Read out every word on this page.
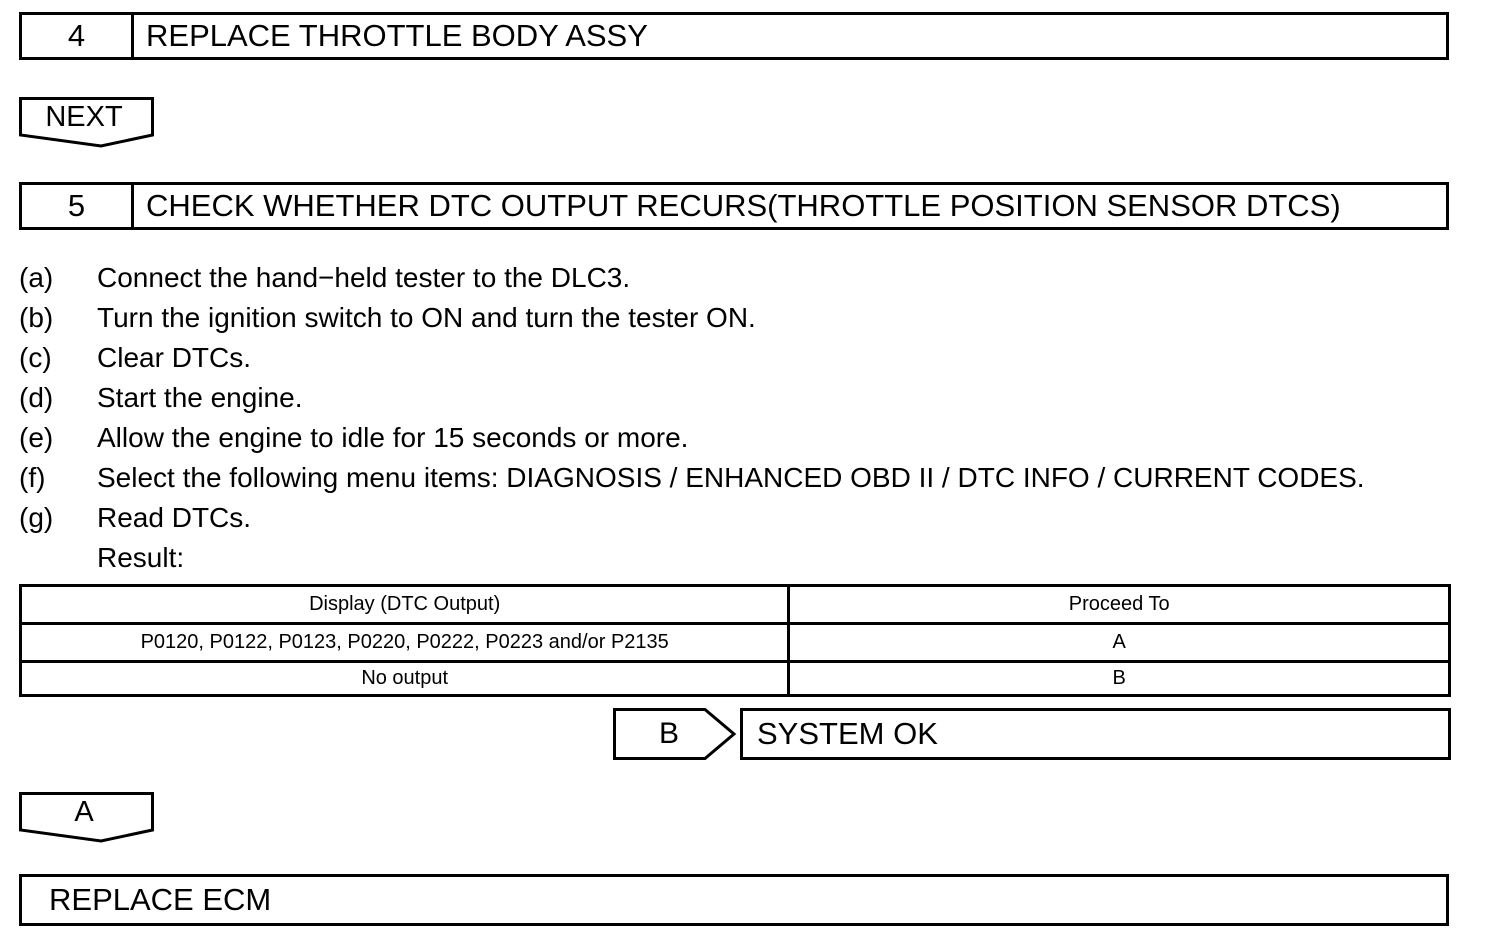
4	REPLACE THROTTLE BODY ASSY
NEXT
5	CHECK WHETHER DTC OUTPUT RECURS(THROTTLE POSITION SENSOR DTCS)
(a)	Connect the hand−held tester to the DLC3.
(b)	Turn the ignition switch to ON and turn the tester ON.
(c)	Clear DTCs.
(d)	Start the engine.
(e)	Allow the engine to idle for 15 seconds or more.
(f)	Select the following menu items: DIAGNOSIS / ENHANCED OBD II / DTC INFO / CURRENT CODES.
(g)	Read DTCs.
Result:
Display (DTC Output)	Proceed To
P0120, P0122, P0123, P0220, P0222, P0223 and/or P2135	A
No output	B
B	SYSTEM OK
A
REPLACE ECM
